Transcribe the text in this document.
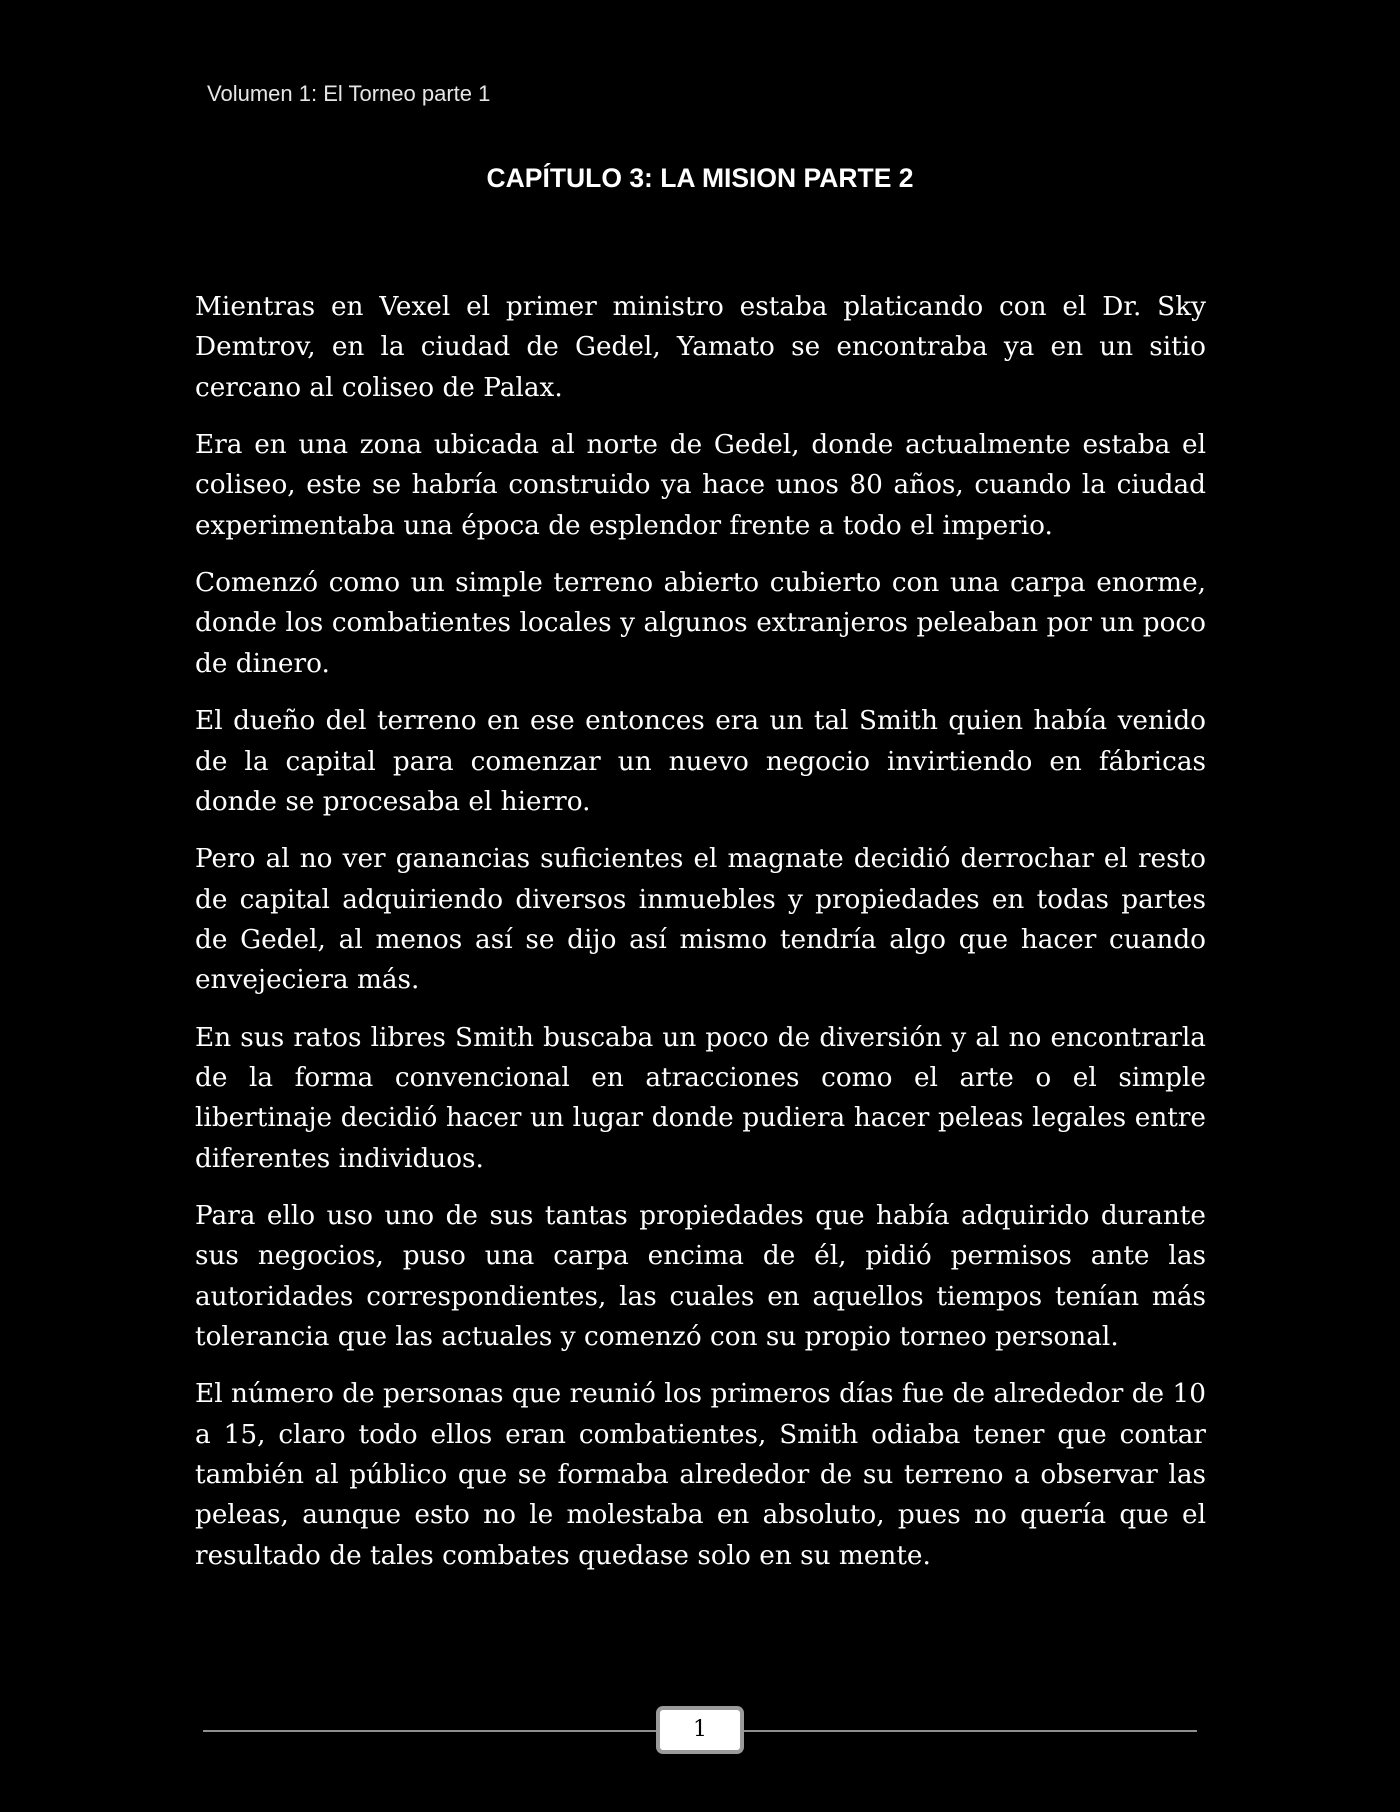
Volumen 1: El Torneo parte 1
CAPÍTULO 3: LA MISION PARTE 2

Mientras en Vexel el primer ministro estaba platicando con el Dr. Sky Demtrov, en la ciudad de Gedel, Yamato se encontraba ya en un sitio cercano al coliseo de Palax.

Era en una zona ubicada al norte de Gedel, donde actualmente estaba el coliseo, este se habría construido ya hace unos 80 años, cuando la ciudad experimentaba una época de esplendor frente a todo el imperio.

Comenzó como un simple terreno abierto cubierto con una carpa enorme, donde los combatientes locales y algunos extranjeros peleaban por un poco de dinero.

El dueño del terreno en ese entonces era un tal Smith quien había venido de la capital para comenzar un nuevo negocio invirtiendo en fábricas donde se procesaba el hierro.

Pero al no ver ganancias suficientes el magnate decidió derrochar el resto de capital adquiriendo diversos inmuebles y propiedades en todas partes de Gedel, al menos así se dijo así mismo tendría algo que hacer cuando envejeciera más.

En sus ratos libres Smith buscaba un poco de diversión y al no encontrarla de la forma convencional en atracciones como el arte o el simple libertinaje decidió hacer un lugar donde pudiera hacer peleas legales entre diferentes individuos.

Para ello uso uno de sus tantas propiedades que había adquirido durante sus negocios, puso una carpa encima de él, pidió permisos ante las autoridades correspondientes, las cuales en aquellos tiempos tenían más tolerancia que las actuales y comenzó con su propio torneo personal.

El número de personas que reunió los primeros días fue de alrededor de 10 a 15, claro todo ellos eran combatientes, Smith odiaba tener que contar también al público que se formaba alrededor de su terreno a observar las peleas, aunque esto no le molestaba en absoluto, pues no quería que el resultado de tales combates quedase solo en su mente.

1
